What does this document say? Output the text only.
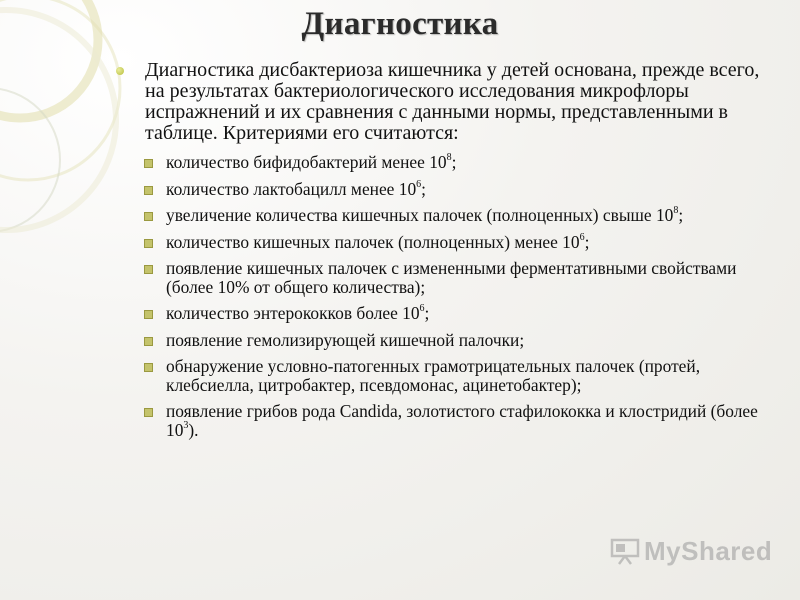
Диагностика
Диагностика дисбактериоза кишечника у детей основана, прежде всего, на результатах бактериологического исследования микрофлоры испражнений и их сравнения с данными нормы, представленными в таблице. Критериями его считаются:
количество бифидобактерий менее $10^8$;
количество лактобацилл менее $10^6$;
увеличение количества кишечных палочек (полноценных) свыше $10^8$;
количество кишечных палочек (полноценных) менее $10^6$;
появление кишечных палочек с измененными ферментативными свойствами (более 10% от общего количества);
количество энтерококков более $10^6$;
появление гемолизирующей кишечной палочки;
обнаружение условно-патогенных грамотрицательных палочек (протей, клебсиелла, цитробактер, псевдомонас, ацинетобактер);
появление грибов рода Candida, золотистого стафилококка и клостридий (более $10^3$).
MyShared
